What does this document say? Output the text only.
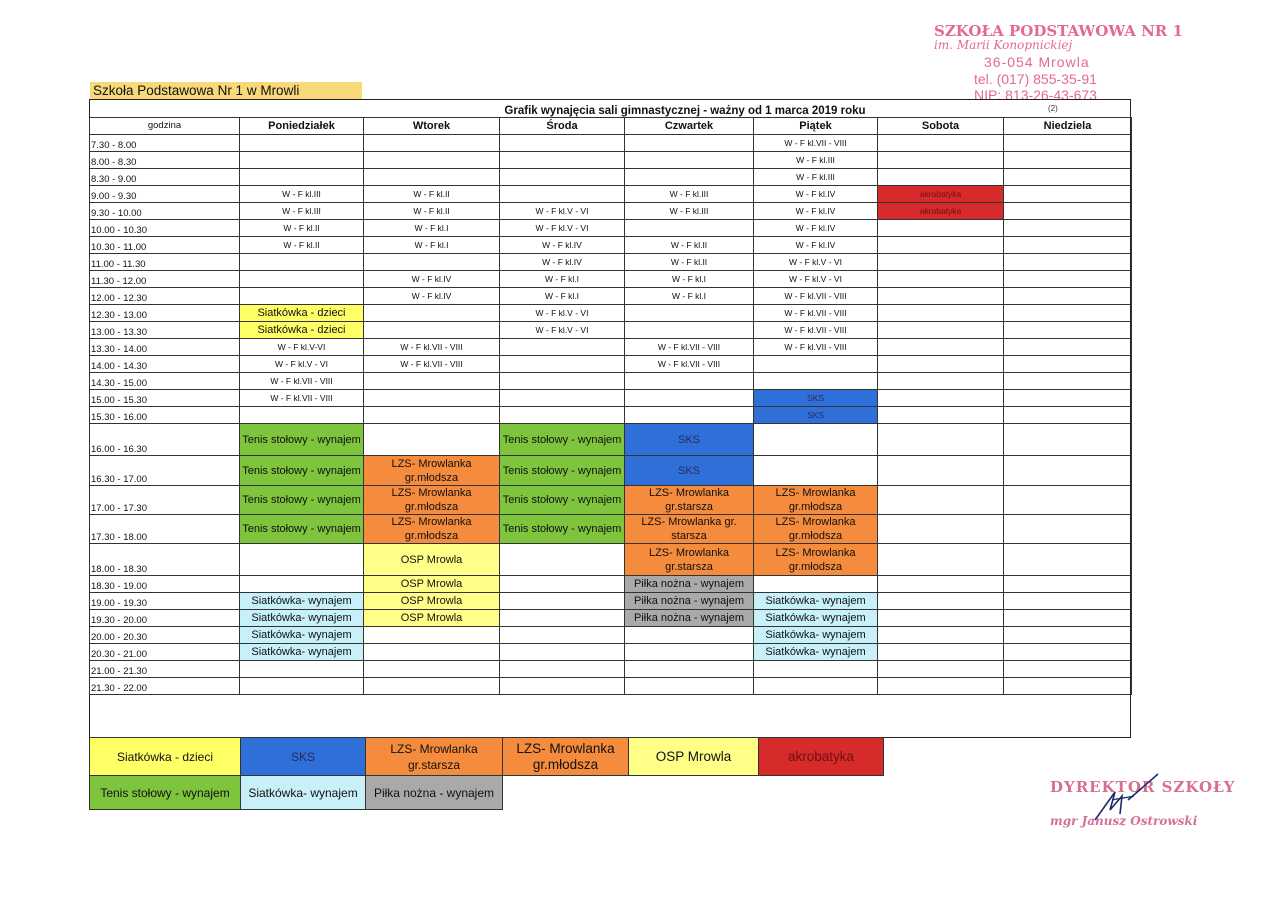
Szkoła Podstawowa Nr 1 w Mrowli
SZKOŁA PODSTAWOWA NR 1
im. Marii Konopnickiej
36-054 Mrowla
tel. (017) 855-35-91
NIP: 813-26-43-673
(2)
Grafik wynajęcia sali gimnastycznej - ważny od 1 marca 2019 roku
godzina	Poniedziałek	Wtorek	Środa	Czwartek	Piątek	Sobota	Niedziela
7.30 - 8.00					W - F kl.VII - VIII		
8.00 - 8.30					W - F kl.III		
8.30 - 9.00					W - F kl.III		
9.00 - 9.30	W - F kl.III	W - F kl.II		W - F kl.III	W - F kl.IV	akrobatyka	
9.30 - 10.00	W - F kl.III	W - F kl.II	W - F kl.V - VI	W - F kl.III	W - F kl.IV	akrobatyka	
10.00 - 10.30	W - F kl.II	W - F kl.I	W - F kl.V - VI		W - F kl.IV		
10.30 - 11.00	W - F kl.II	W - F kl.I	W - F kl.IV	W - F kl.II	W - F kl.IV		
11.00 - 11.30			W - F kl.IV	W - F kl.II	W - F kl.V - VI		
11.30 - 12.00		W - F kl.IV	W - F kl.I	W - F kl.I	W - F kl.V - VI		
12.00 - 12.30		W - F kl.IV	W - F kl.I	W - F kl.I	W - F kl.VII - VIII		
12.30 - 13.00	Siatkówka - dzieci		W - F kl.V - VI		W - F kl.VII - VIII		
13.00 - 13.30	Siatkówka - dzieci		W - F kl.V - VI		W - F kl.VII - VIII		
13.30 - 14.00	W - F kl.V-VI	W - F kl.VII - VIII		W - F kl.VII - VIII	W - F kl.VII - VIII		
14.00 - 14.30	W - F kl.V - VI	W - F kl.VII - VIII		W - F kl.VII - VIII			
14.30 - 15.00	W - F kl.VII - VIII						
15.00 - 15.30	W - F kl.VII - VIII				SKS		
15.30 - 16.00					SKS		
16.00 - 16.30	Tenis stołowy - wynajem		Tenis stołowy - wynajem	SKS			
16.30 - 17.00	Tenis stołowy - wynajem	LZS- Mrowlanka gr.młodsza	Tenis stołowy - wynajem	SKS			
17.00 - 17.30	Tenis stołowy - wynajem	LZS- Mrowlanka gr.młodsza	Tenis stołowy - wynajem	LZS- Mrowlanka gr.starsza	LZS- Mrowlanka gr.młodsza		
17.30 - 18.00	Tenis stołowy - wynajem	LZS- Mrowlanka gr.młodsza	Tenis stołowy - wynajem	LZS- Mrowlanka gr. starsza	LZS- Mrowlanka gr.młodsza		
18.00 - 18.30		OSP Mrowla		LZS- Mrowlanka gr.starsza	LZS- Mrowlanka gr.młodsza		
18.30 - 19.00		OSP Mrowla		Piłka nożna - wynajem			
19.00 - 19.30	Siatkówka- wynajem	OSP Mrowla		Piłka nożna - wynajem	Siatkówka- wynajem		
19.30 - 20.00	Siatkówka- wynajem	OSP Mrowla		Piłka nożna - wynajem	Siatkówka- wynajem		
20.00 - 20.30	Siatkówka- wynajem				Siatkówka- wynajem		
20.30 - 21.00	Siatkówka- wynajem				Siatkówka- wynajem		
21.00 - 21.30							
21.30 - 22.00							
Siatkówka - dzieci	SKS	LZS- Mrowlanka gr.starsza	LZS- Mrowlanka gr.młodsza	OSP Mrowla	akrobatyka
Tenis stołowy - wynajem	Siatkówka- wynajem	Piłka nożna - wynajem				DYREKTOR SZKOŁY
mgr Janusz Ostrowski
